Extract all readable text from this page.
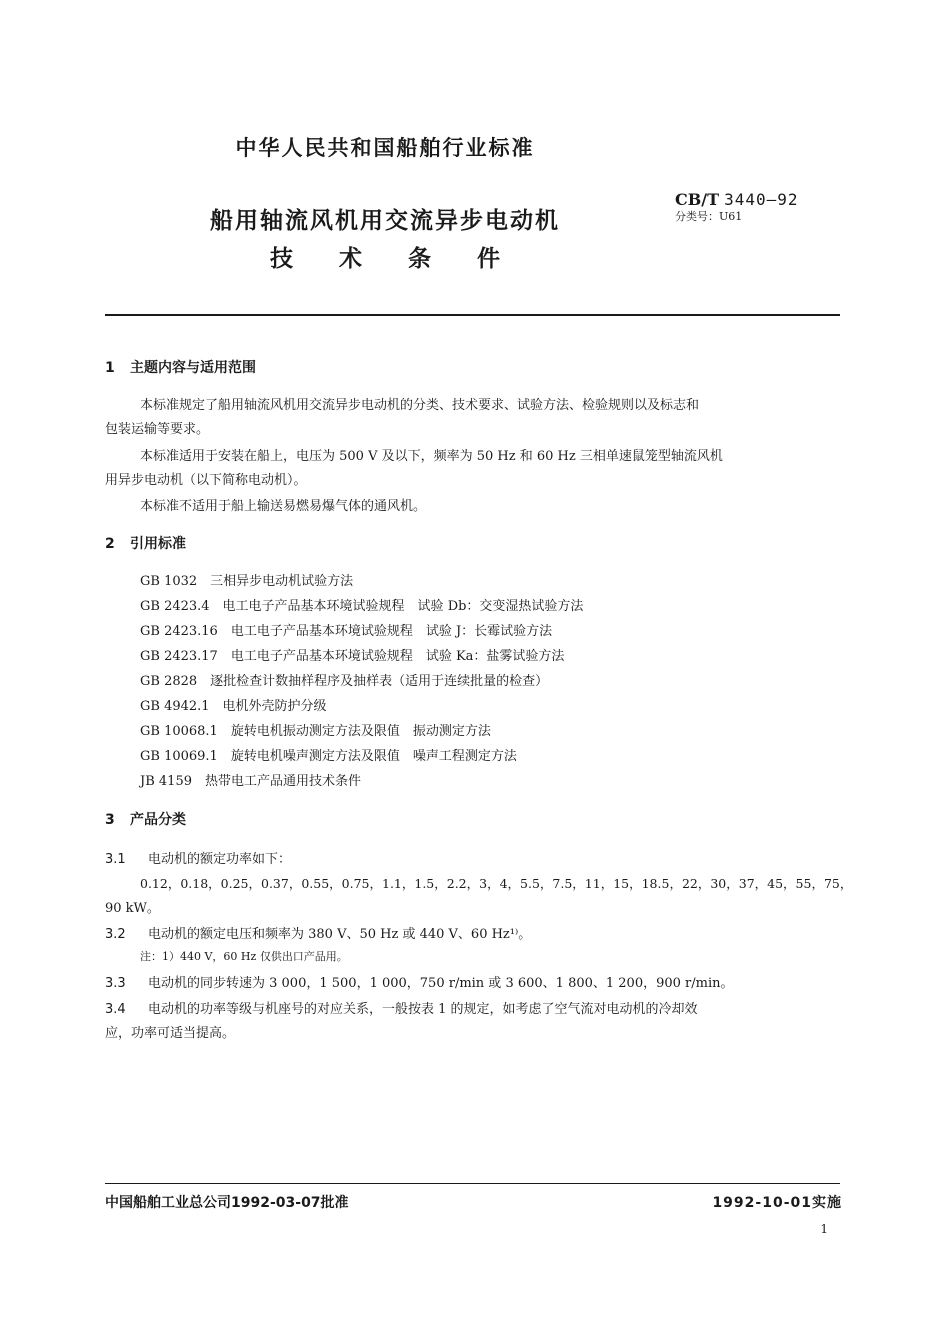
中华人民共和国船舶行业标准
船用轴流风机用交流异步电动机
技术条件
CB/T 3440—92
分类号：U61
1 主题内容与适用范围
本标准规定了船用轴流风机用交流异步电动机的分类、技术要求、试验方法、检验规则以及标志和
包装运输等要求。
本标准适用于安装在船上，电压为 500 V 及以下，频率为 50 Hz 和 60 Hz 三相单速鼠笼型轴流风机
用异步电动机（以下简称电动机）。
本标准不适用于船上输送易燃易爆气体的通风机。
2 引用标准
GB 1032　三相异步电动机试验方法
GB 2423.4　电工电子产品基本环境试验规程　试验 Db：交变湿热试验方法
GB 2423.16　电工电子产品基本环境试验规程　试验 J：长霉试验方法
GB 2423.17　电工电子产品基本环境试验规程　试验 Ka：盐雾试验方法
GB 2828　逐批检查计数抽样程序及抽样表（适用于连续批量的检查）
GB 4942.1　电机外壳防护分级
GB 10068.1　旋转电机振动测定方法及限值　振动测定方法
GB 10069.1　旋转电机噪声测定方法及限值　噪声工程测定方法
JB 4159　热带电工产品通用技术条件
3 产品分类
3.1 电动机的额定功率如下：
0.12，0.18，0.25，0.37，0.55，0.75，1.1，1.5，2.2，3，4，5.5，7.5，11，15，18.5，22，30，37，45，55，75，
90 kW。
3.2 电动机的额定电压和频率为 380 V、50 Hz 或 440 V、60 Hz¹⁾。
注：1）440 V，60 Hz 仅供出口产品用。
3.3 电动机的同步转速为 3 000，1 500，1 000，750 r/min 或 3 600、1 800、1 200，900 r/min。
3.4 电动机的功率等级与机座号的对应关系，一般按表 1 的规定，如考虑了空气流对电动机的冷却效
应，功率可适当提高。
中国船舶工业总公司1992-03-07批准	1992-10-01实施
1
